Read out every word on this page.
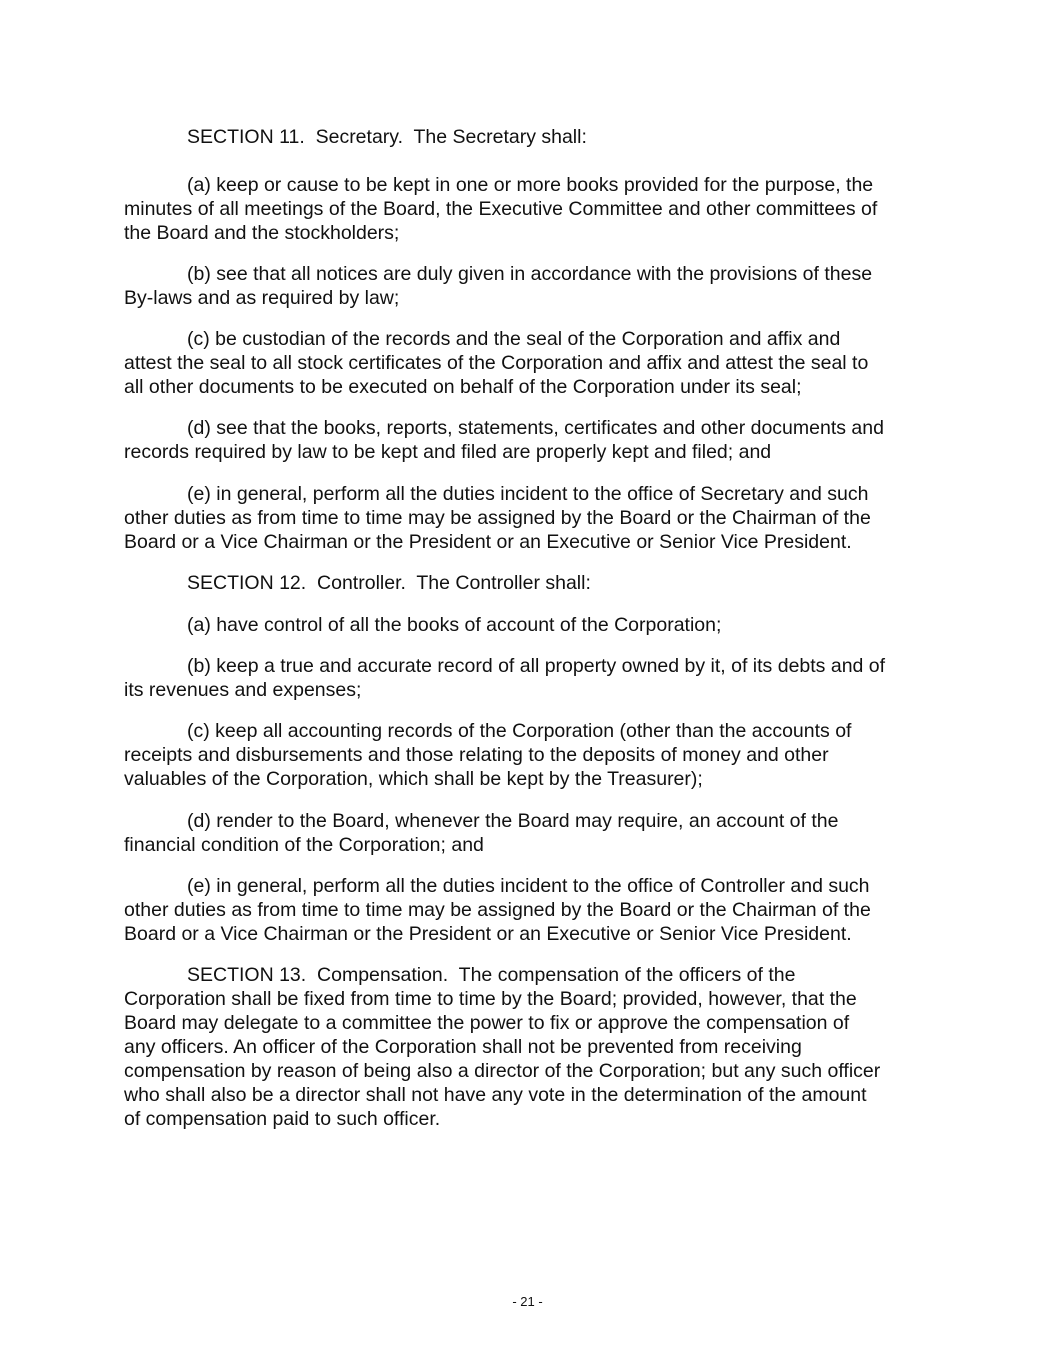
SECTION 11.  Secretary.  The Secretary shall:
(a) keep or cause to be kept in one or more books provided for the purpose, the
minutes of all meetings of the Board, the Executive Committee and other committees of
the Board and the stockholders;
(b) see that all notices are duly given in accordance with the provisions of these
By-laws and as required by law;
(c) be custodian of the records and the seal of the Corporation and affix and
attest the seal to all stock certificates of the Corporation and affix and attest the seal to
all other documents to be executed on behalf of the Corporation under its seal;
(d) see that the books, reports, statements, certificates and other documents and
records required by law to be kept and filed are properly kept and filed; and
(e) in general, perform all the duties incident to the office of Secretary and such
other duties as from time to time may be assigned by the Board or the Chairman of the
Board or a Vice Chairman or the President or an Executive or Senior Vice President.
SECTION 12.  Controller.  The Controller shall:
(a) have control of all the books of account of the Corporation;
(b) keep a true and accurate record of all property owned by it, of its debts and of
its revenues and expenses;
(c) keep all accounting records of the Corporation (other than the accounts of
receipts and disbursements and those relating to the deposits of money and other
valuables of the Corporation, which shall be kept by the Treasurer);
(d) render to the Board, whenever the Board may require, an account of the
financial condition of the Corporation; and
(e) in general, perform all the duties incident to the office of Controller and such
other duties as from time to time may be assigned by the Board or the Chairman of the
Board or a Vice Chairman or the President or an Executive or Senior Vice President.
SECTION 13.  Compensation.  The compensation of the officers of the
Corporation shall be fixed from time to time by the Board; provided, however, that the
Board may delegate to a committee the power to fix or approve the compensation of
any officers. An officer of the Corporation shall not be prevented from receiving
compensation by reason of being also a director of the Corporation; but any such officer
who shall also be a director shall not have any vote in the determination of the amount
of compensation paid to such officer.
- 21 -
